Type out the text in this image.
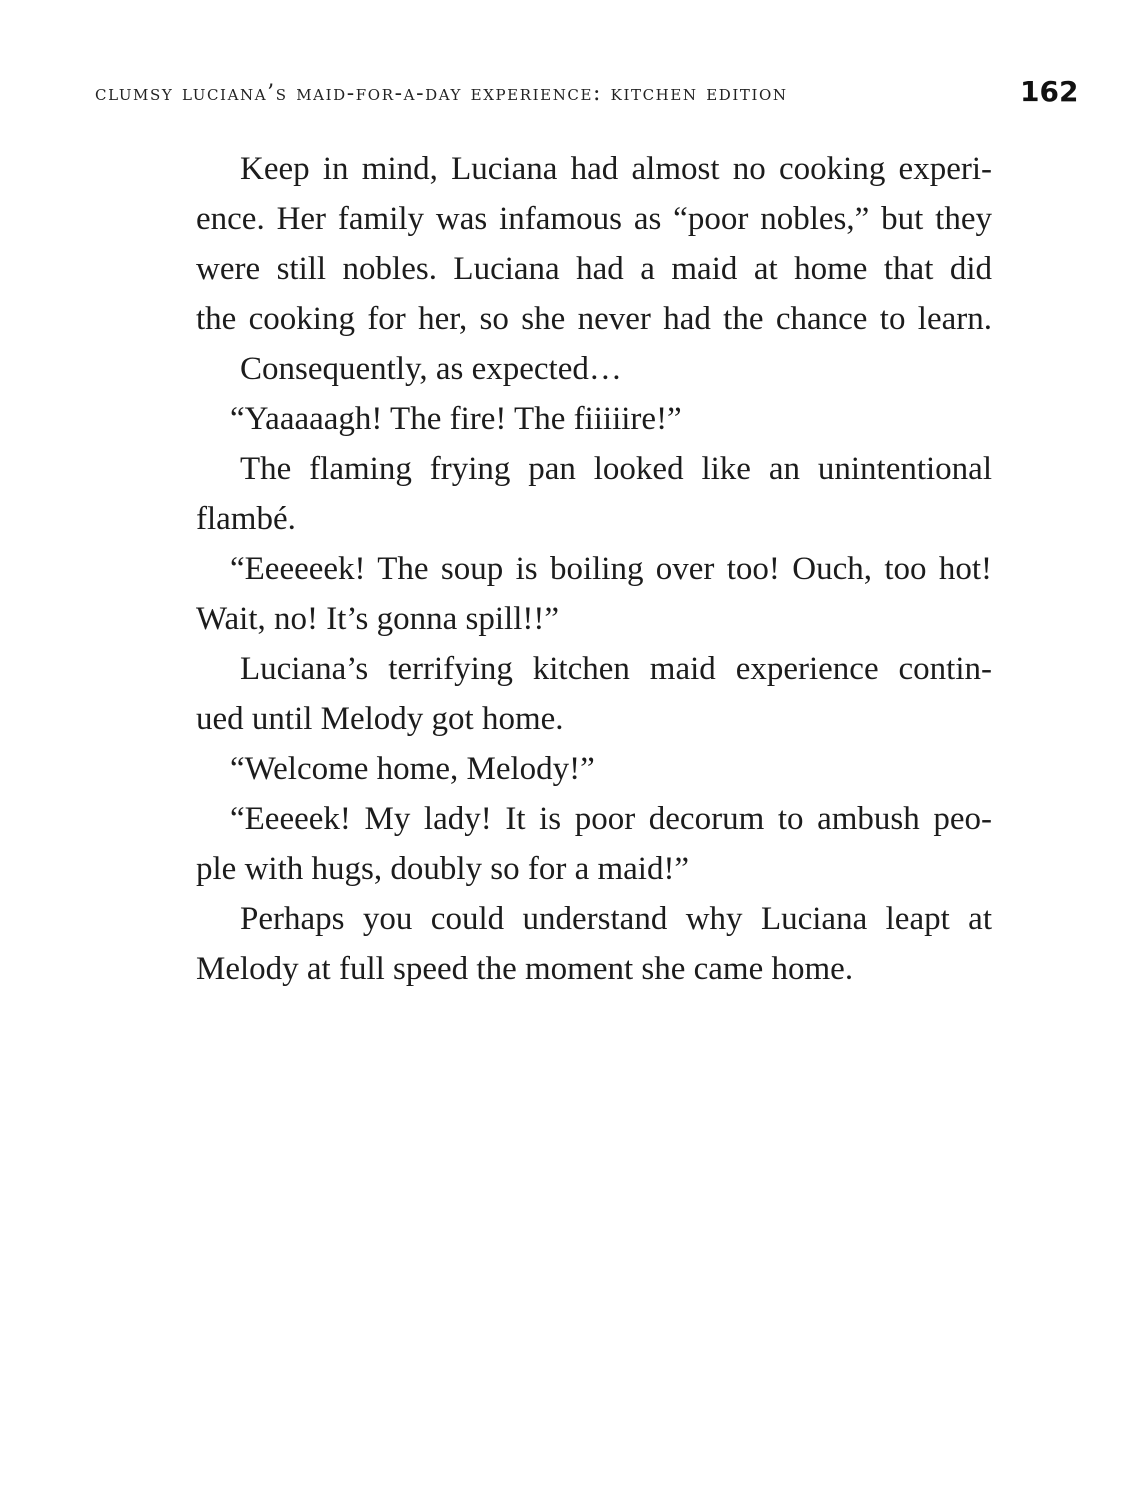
clumsy luciana’s maid-for-a-day experience: kitchen edition	162
Keep in mind, Luciana had almost no cooking experi-
ence. Her family was infamous as “poor nobles,” but they
were still nobles. Luciana had a maid at home that did
the cooking for her, so she never had the chance to learn.
Consequently, as expected…
“Yaaaaagh! The fire! The fiiiiire!”
The flaming frying pan looked like an unintentional
flambé.
“Eeeeeek! The soup is boiling over too! Ouch, too hot!
Wait, no! It’s gonna spill!!”
Luciana’s terrifying kitchen maid experience contin-
ued until Melody got home.
“Welcome home, Melody!”
“Eeeeek! My lady! It is poor decorum to ambush peo-
ple with hugs, doubly so for a maid!”
Perhaps you could understand why Luciana leapt at
Melody at full speed the moment she came home.
